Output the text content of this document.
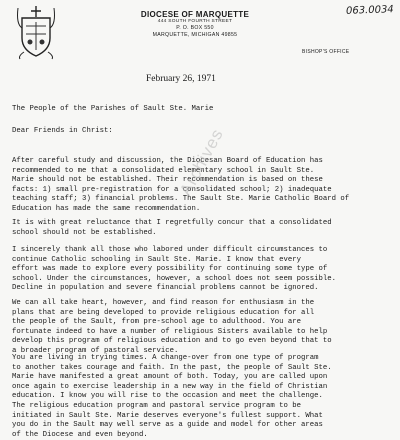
063.0034
DIOCESE OF MARQUETTE
444 SOUTH FOURTH STREET
P. O. BOX 550
MARQUETTE, MICHIGAN 49855
BISHOP'S OFFICE
February 26, 1971
The People of the Parishes of Sault Ste. Marie
Dear Friends in Christ:
After careful study and discussion, the Diocesan Board of Education has
recommended to me that a consolidated elementary school in Sault Ste.
Marie should not be established. Their recommendation is based on these
facts: 1) small pre-registration for a consolidated school; 2) inadequate
teaching staff; 3) financial problems. The Sault Ste. Marie Catholic Board of
Education has made the same recommendation.
It is with great reluctance that I regretfully concur that a consolidated
school should not be established.
I sincerely thank all those who labored under difficult circumstances to
continue Catholic schooling in Sault Ste. Marie. I know that every
effort was made to explore every possibility for continuing some type of
school. Under the circumstances, however, a school does not seem possible.
Decline in population and severe financial problems cannot be ignored.
We can all take heart, however, and find reason for enthusiasm in the
plans that are being developed to provide religious education for all
the people of the Sault, from pre-school age to adulthood. You are
fortunate indeed to have a number of religious Sisters available to help
develop this program of religious education and to go even beyond that to
a broader program of pastoral service.
You are living in trying times. A change-over from one type of program
to another takes courage and faith. In the past, the people of Sault Ste.
Marie have manifested a great amount of both. Today, you are called upon
once again to exercise leadership in a new way in the field of Christian
education. I know you will rise to the occasion and meet the challenge.
The religious education program and pastoral service program to be
initiated in Sault Ste. Marie deserves everyone's fullest support. What
you do in the Sault may well serve as a guide and model for other areas
of the Diocese and even beyond.
Archives
